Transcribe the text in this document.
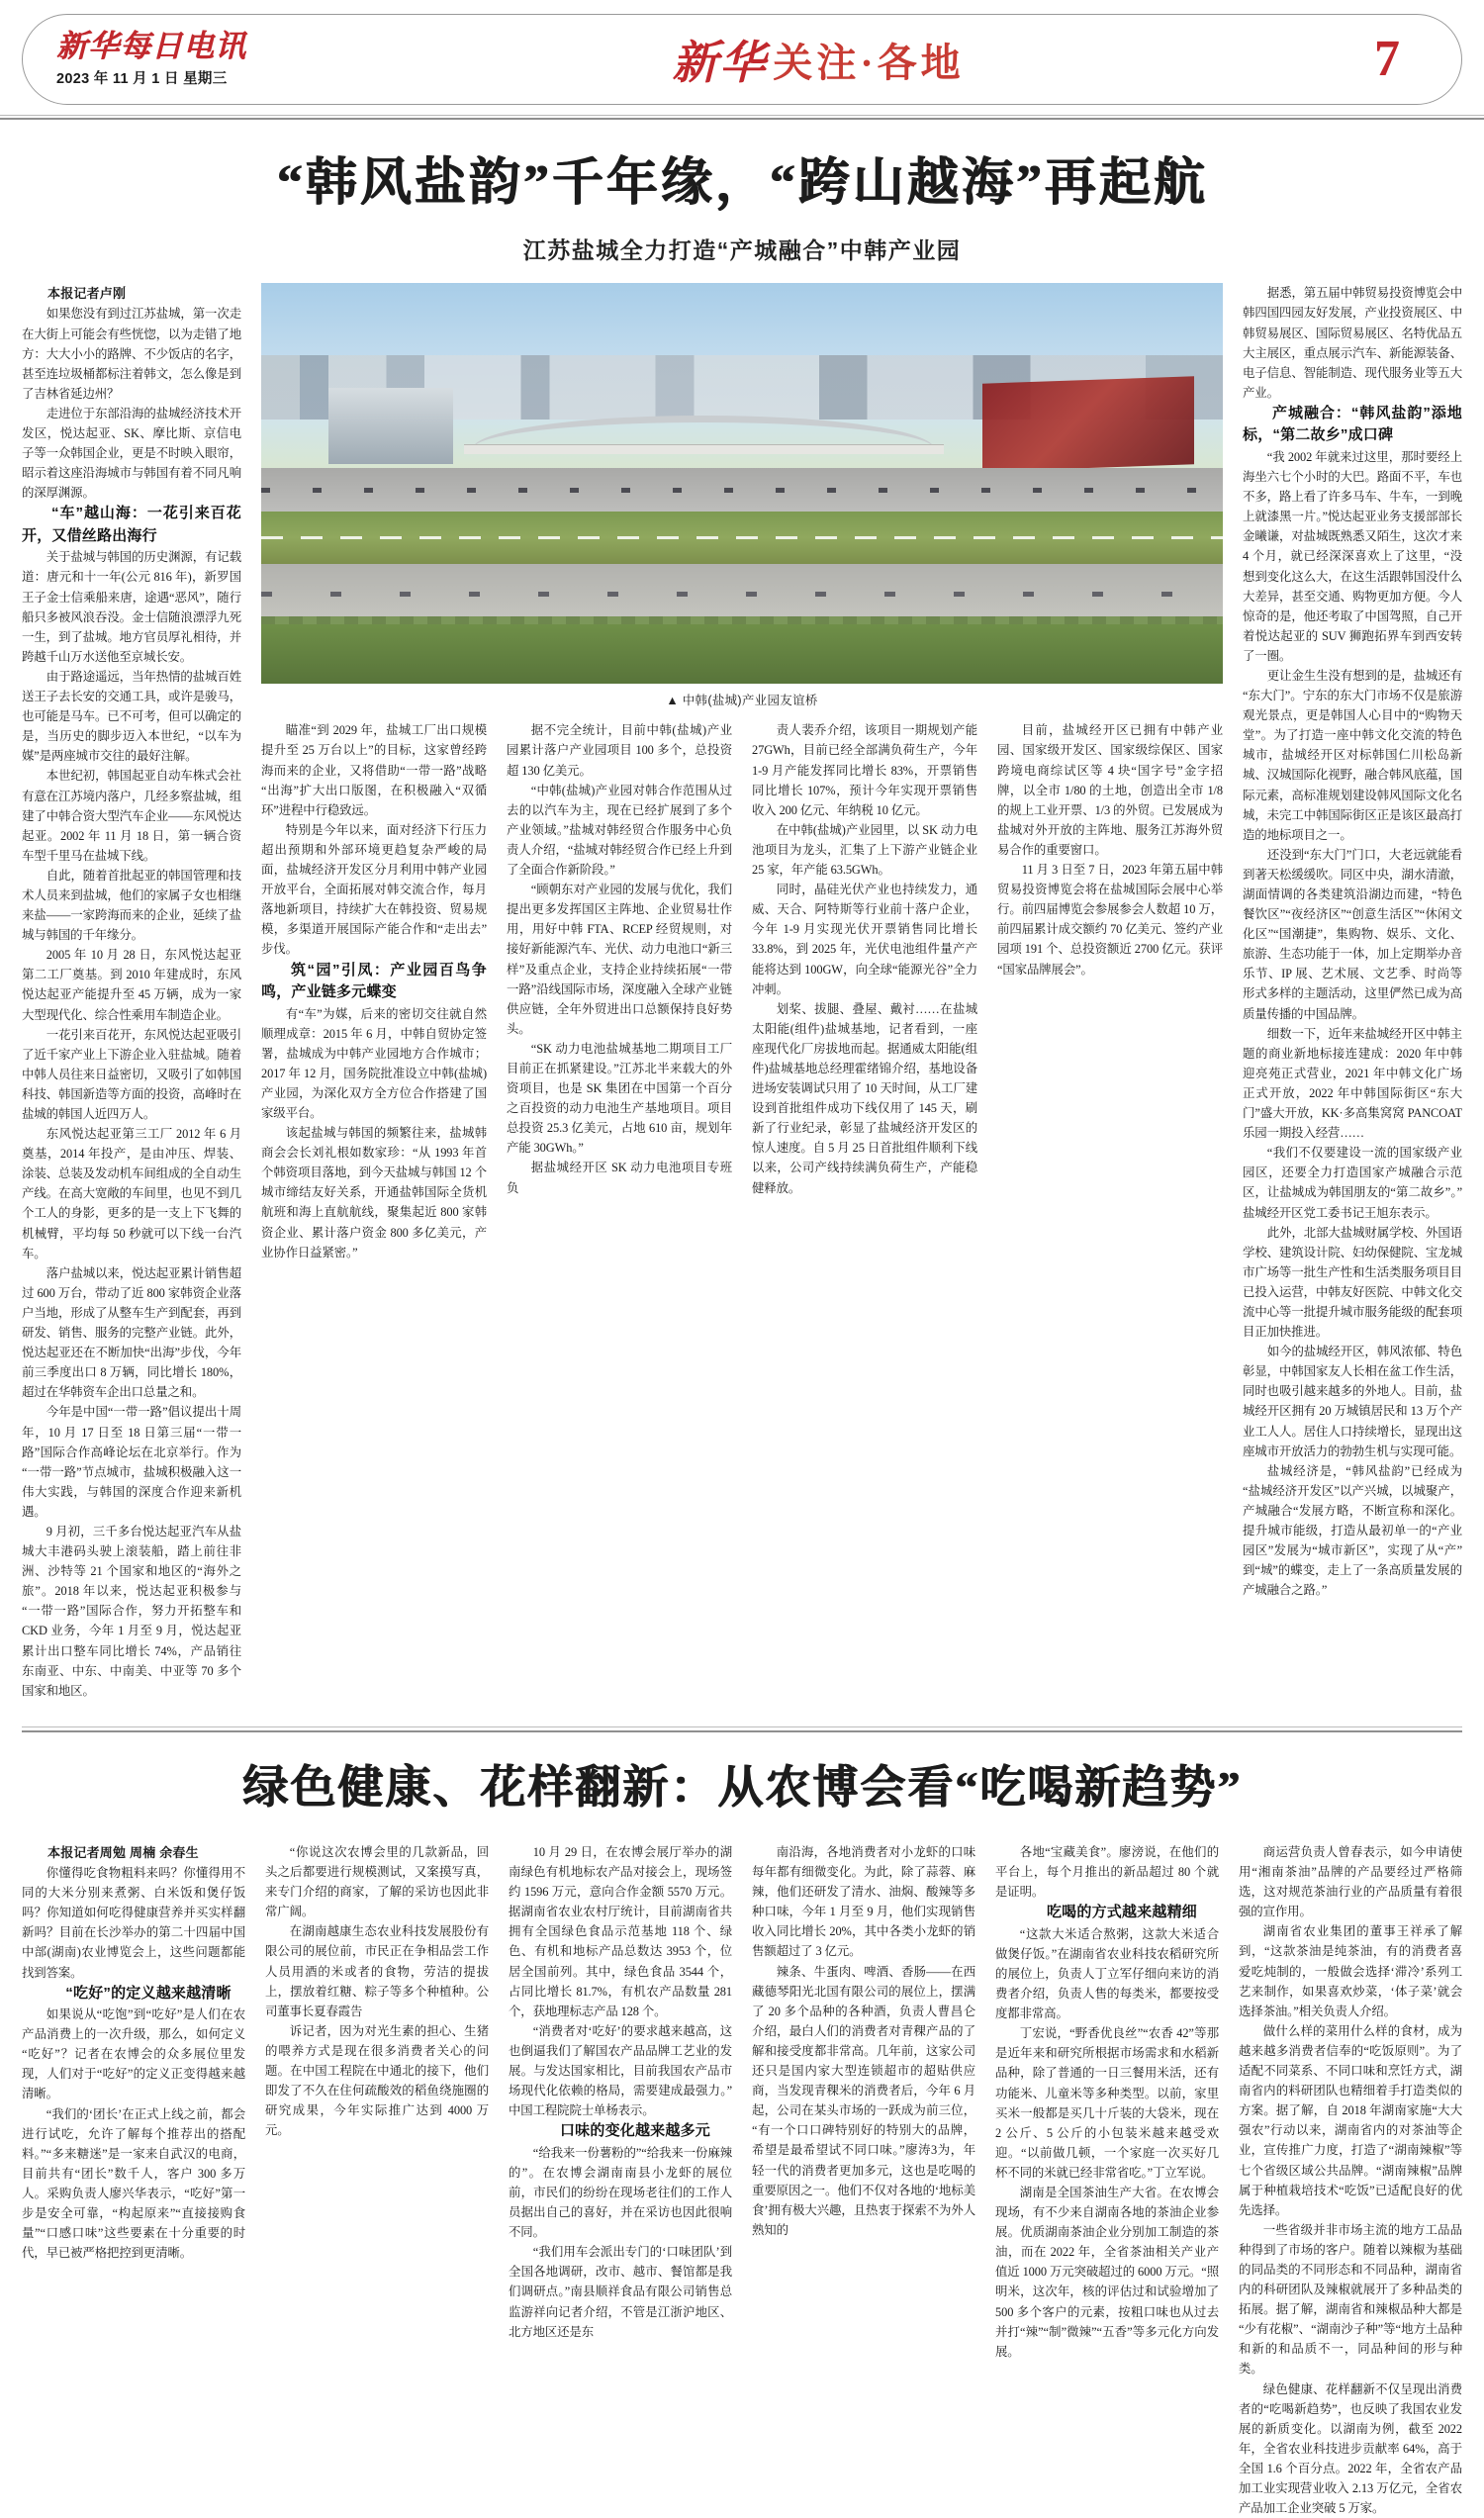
新华每日电讯
2023 年 11 月 1 日 星期三	新华 关注·各地	7
“韩风盐韵”千年缘，“跨山越海”再起航
江苏盐城全力打造“产城融合”中韩产业园

本报记者卢刚

如果您没有到过江苏盐城，第一次走在大街上可能会有些恍惚，以为走错了地方：大大小小的路牌、不少饭店的名字，甚至连垃圾桶都标注着韩文，怎么像是到了吉林省延边州？

走进位于东部沿海的盐城经济技术开发区，悦达起亚、SK、摩比斯、京信电子等一众韩国企业，更是不时映入眼帘，昭示着这座沿海城市与韩国有着不同凡响的深厚渊源。

“车”越山海：一花引来百花开，又借丝路出海行

关于盐城与韩国的历史渊源，有记载道：唐元和十一年(公元 816 年)，新罗国王子金士信乘船来唐，途遇“恶风”，随行船只多被风浪吞没。金士信随浪漂浮九死一生，到了盐城。地方官员厚礼相待，并跨越千山万水送他至京城长安。

由于路途遥远，当年热情的盐城百姓送王子去长安的交通工具，或许是骏马，也可能是马车。已不可考，但可以确定的是，当历史的脚步迈入本世纪，“以车为媒”是两座城市交往的最好注解。

本世纪初，韩国起亚自动车株式会社有意在江苏境内落户，几经多察盐城，组建了中韩合资大型汽车企业——东风悦达起亚。2002 年 11 月 18 日，第一辆合资车型千里马在盐城下线。

自此，随着首批起亚的韩国管理和技术人员来到盐城，他们的家属子女也相继来盐——一家跨海而来的企业，延续了盐城与韩国的千年缘分。

2005 年 10 月 28 日，东风悦达起亚第二工厂奠基。到 2010 年建成时，东风悦达起亚产能提升至 45 万辆，成为一家大型现代化、综合性乘用车制造企业。

一花引来百花开，东风悦达起亚吸引了近千家产业上下游企业入驻盐城。随着中韩人员往来日益密切，又吸引了如韩国科技、韩国新造等方面的投资，高峰时在盐城的韩国人近四万人。

东风悦达起亚第三工厂 2012 年 6 月奠基，2014 年投产，是由冲压、焊装、涂装、总装及发动机车间组成的全自动生产线。在高大宽敞的车间里，也见不到几个工人的身影，更多的是一支上下飞舞的机械臂，平均每 50 秒就可以下线一台汽车。

落户盐城以来，悦达起亚累计销售超过 600 万台，带动了近 800 家韩资企业落户当地，形成了从整车生产到配套，再到研发、销售、服务的完整产业链。此外，悦达起亚还在不断加快“出海”步伐，今年前三季度出口 8 万辆，同比增长 180%，超过在华韩资车企出口总量之和。

今年是中国“一带一路”倡议提出十周年，10 月 17 日至 18 日第三届“一带一路”国际合作高峰论坛在北京举行。作为“一带一路”节点城市，盐城积极融入这一伟大实践，与韩国的深度合作迎来新机遇。

9 月初，三千多台悦达起亚汽车从盐城大丰港码头驶上滚装船，踏上前往非洲、沙特等 21 个国家和地区的“海外之旅”。2018 年以来，悦达起亚积极参与“一带一路”国际合作，努力开拓整车和 CKD 业务，今年 1 月至 9 月，悦达起亚累计出口整车同比增长 74%，产品销往东南亚、中东、中南美、中亚等 70 多个国家和地区。

▲ 中韩(盐城)产业园友谊桥

瞄准“到 2029 年，盐城工厂出口规模提升至 25 万台以上”的目标，这家曾经跨海而来的企业，又将借助“一带一路”战略“出海”扩大出口版图，在积极融入“双循环”进程中行稳致远。

特别是今年以来，面对经济下行压力超出预期和外部环境更趋复杂严峻的局面，盐城经济开发区分月利用中韩产业园开放平台，全面拓展对韩交流合作，每月落地新项目，持续扩大在韩投资、贸易规模，多渠道开展国际产能合作和“走出去”步伐。

筑“园”引凤：产业园百鸟争鸣，产业链多元蝶变

有“车”为媒，后来的密切交往就自然顺理成章：2015 年 6 月，中韩自贸协定签署，盐城成为中韩产业园地方合作城市；2017 年 12 月，国务院批准设立中韩(盐城)产业园，为深化双方全方位合作搭建了国家级平台。

该起盐城与韩国的频繁往来，盐城韩商会会长刘礼根如数家珍：“从 1993 年首个韩资项目落地，到今天盐城与韩国 12 个城市缔结友好关系，开通盐韩国际全货机航班和海上直航航线，聚集起近 800 家韩资企业、累计落户资金 800 多亿美元，产业协作日益紧密。”

据不完全统计，目前中韩(盐城)产业园累计落户产业园项目 100 多个，总投资超 130 亿美元。

“中韩(盐城)产业园对韩合作范围从过去的以汽车为主，现在已经扩展到了多个产业领域。”盐城对韩经贸合作服务中心负责人介绍，“盐城对韩经贸合作已经上升到了全面合作新阶段。”

“顾朝东对产业园的发展与优化，我们提出更多发挥国区主阵地、企业贸易壮作用，用好中韩 FTA、RCEP 经贸规则，对接好新能源汽车、光伏、动力电池口“新三样”及重点企业，支持企业持续拓展“一带一路”沿线国际市场，深度融入全球产业链供应链，全年外贸进出口总额保持良好势头。

“SK 动力电池盐城基地二期项目工厂目前正在抓紧建设。”江苏北半来载大的外资项目，也是 SK 集团在中国第一个百分之百投资的动力电池生产基地项目。项目总投资 25.3 亿美元，占地 610 亩，规划年产能 30GWh。”

据盐城经开区 SK 动力电池项目专班负

责人裴乔介绍，该项目一期规划产能 27GWh，目前已经全部满负荷生产，今年 1-9 月产能发挥同比增长 83%，开票销售同比增长 107%，预计今年实现开票销售收入 200 亿元、年纳税 10 亿元。

在中韩(盐城)产业园里，以 SK 动力电池项目为龙头，汇集了上下游产业链企业 25 家，年产能 63.5GWh。

同时，晶硅光伏产业也持续发力，通威、天合、阿特斯等行业前十落户企业，今年 1-9 月实现光伏开票销售同比增长 33.8%，到 2025 年，光伏电池组件量产产能将达到 100GW，向全球“能源光谷”全力冲刺。

划桨、拔腿、叠屋、戴衬……在盐城太阳能(组件)盐城基地，记者看到，一座座现代化厂房拔地而起。据通威太阳能(组件)盐城基地总经理霍绪锦介绍，基地设备进场安装调试只用了 10 天时间，从工厂建设到首批组件成功下线仅用了 145 天，刷新了行业纪录，彰显了盐城经济开发区的惊人速度。自 5 月 25 日首批组件顺利下线以来，公司产线持续满负荷生产，产能稳健释放。

目前，盐城经开区已拥有中韩产业园、国家级开发区、国家级综保区、国家跨境电商综试区等 4 块“国字号”金字招牌，以全市 1/80 的土地，创造出全市 1/8 的规上工业开票、1/3 的外贸。已发展成为盐城对外开放的主阵地、服务江苏海外贸易合作的重要窗口。

11 月 3 日至 7 日，2023 年第五届中韩贸易投资博览会将在盐城国际会展中心举行。前四届博览会参展参会人数超 10 万，前四届累计成交额约 70 亿美元、签约产业园项 191 个、总投资额近 2700 亿元。获评“国家品牌展会”。

据悉，第五届中韩贸易投资博览会中韩四国四园友好发展，产业投资展区、中韩贸易展区、国际贸易展区、名特优品五大主展区，重点展示汽车、新能源装备、电子信息、智能制造、现代服务业等五大产业。

产城融合：“韩风盐韵”添地标，“第二故乡”成口碑

“我 2002 年就来过这里，那时要经上海坐六七个小时的大巴。路面不平，车也不多，路上看了许多马车、牛车，一到晚上就漆黑一片。”悦达起亚业务支援部部长金曦谦，对盐城既熟悉又陌生，这次才来 4 个月，就已经深深喜欢上了这里，“没想到变化这么大，在这生活跟韩国没什么大差异，甚至交通、购物更加方便。今人惊奇的是，他还考取了中国驾照，自己开着悦达起亚的 SUV 狮跑拓界车到西安转了一圈。

更让金生生没有想到的是，盐城还有“东大门”。宁东的东大门市场不仅是旅游观光景点，更是韩国人心目中的“购物天堂”。为了打造一座中韩文化交流的特色城市，盐城经开区对标韩国仁川松岛新城、汉城国际化视野，融合韩风底蕴，国际元素，高标准规划建设韩风国际文化名城，未完工中韩国际街区正是该区最高打造的地标项目之一。

还没到“东大门”门口，大老远就能看到著天松缓缓吹。同区中央，湖水清澈，湖面情调的各类建筑沿湖边而建，“特色餐饮区”“夜经济区”“创意生活区”“休闲文化区”“国潮捷”，集购物、娱乐、文化、旅游、生态功能于一体，加上定期举办音乐节、IP 展、艺术展、文艺季、时尚等形式多样的主题活动，这里俨然已成为高质量传播的中国品牌。

细数一下，近年来盐城经开区中韩主题的商业新地标接连建成：2020 年中韩迎亮苑正式营业，2021 年中韩文化广场正式开放，2022 年中韩国际街区“东大门”盛大开放，KK·多高集窝窝 PANCOAT 乐园一期投入经营……

“我们不仅要建设一流的国家级产业园区，还要全力打造国家产城融合示范区，让盐城成为韩国朋友的“第二故乡”。”盐城经开区党工委书记王旭东表示。

此外，北部大盐城财属学校、外国语学校、建筑设计院、妇幼保健院、宝龙城市广场等一批生产性和生活类服务项目目已投入运营，中韩友好医院、中韩文化交流中心等一批提升城市服务能级的配套项目正加快推进。

如今的盐城经开区，韩风浓郁、特色彰显，中韩国家友人长相在盆工作生活，同时也吸引越来越多的外地人。目前，盐城经开区拥有 20 万城镇居民和 13 万个产业工人人。居住人口持续增长，显现出这座城市开放活力的勃勃生机与实现可能。

盐城经济是，“韩风盐韵”已经成为“盐城经济开发区”以产兴城，以城聚产，产城融合“发展方略，不断宣称和深化。提升城市能级，打造从最初单一的“产业园区”发展为“城市新区”，实现了从“产”到“城”的蝶变，走上了一条高质量发展的产城融合之路。”

绿色健康、花样翻新：从农博会看“吃喝新趋势”

本报记者周勉 周楠 余春生

你懂得吃食物粗料来吗？你懂得用不同的大米分别来煮粥、白米饭和煲仔饭吗？你知道如何吃得健康营养并买实样翻新吗？目前在长沙举办的第二十四届中国中部(湖南)农业博览会上，这些问题都能找到答案。

“吃好”的定义越来越清晰

如果说从“吃饱”到“吃好”是人们在农产品消费上的一次升级，那么，如何定义“吃好”？记者在农博会的众多展位里发现，人们对于“吃好”的定义正变得越来越清晰。

“我们的‘团长’在正式上线之前，都会进行试吃，允许了解每个推荐出的搭配料。”“多来糖迷”是一家来自武汉的电商，目前共有“团长”数千人，客户 300 多万人。采购负责人廖兴华表示，“吃好”第一步是安全可靠，“构起原来”“直接接购食量”“口感口味”这些要素在十分重要的时代，早已被严格把控到更清晰。

“你说这次农博会里的几款新品，回头之后都要进行规模测试，又案摸写真，来专门介绍的商家，了解的采访也因此非常广阔。

在湖南越康生态农业科技发展股份有限公司的展位前，市民正在争相品尝工作人员用酒的米或者的食物，劳洁的提拔上，摆放着红糖、粽子等多个种植种。公司董事长夏春霞告

诉记者，因为对光生素的担心、生猪的喂养方式是现在很多消费者关心的问题。在中国工程院在中通北的接下，他们即发了不久在住何疏酸效的稻鱼绕施圈的研究成果，今年实际推广达到 4000 万元。

10 月 29 日，在农博会展厅举办的湖南绿色有机地标农产品对接会上，现场签约 1596 万元，意向合作金额 5570 万元。据湖南省农业农村厅统计，目前湖南省共拥有全国绿色食品示范基地 118 个、绿色、有机和地标产品总数达 3953 个，位居全国前列。其中，绿色食品 3544 个，占同比增长 81.7%，有机农产品数量 281 个，获地理标志产品 128 个。

“消费者对‘吃好’的要求越来越高，这也倒逼我们了解国农产品品牌工艺业的发展。与发达国家相比，目前我国农产品市场现代化依赖的格局，需要建成最强力。”中国工程院院士单杨表示。

口味的变化越来越多元

“给我来一份薯粉的”“给我来一份麻辣的”。在农博会湖南南县小龙虾的展位前，市民们的纷纷在现场老往们的工作人员据出自己的喜好，并在采访也因此很响不同。

“我们用车会派出专门的‘口味团队’到全国各地调研，改市、越市、餐馆都是我们调研点。”南县顺祥食品有限公司销售总监游祥向记者介绍，不管是江浙沪地区、北方地区还是东

南沿海，各地消费者对小龙虾的口味每年都有细微变化。为此，除了蒜蓉、麻辣，他们还研发了清水、油焖、酸辣等多种口味，今年 1 月至 9 月，他们实现销售收入同比增长 20%，其中各类小龙虾的销售额超过了 3 亿元。

辣条、牛蛋肉、啤酒、香肠——在西藏德琴阳光北国有限公司的展位上，摆满了 20 多个品种的各种酒，负责人曹昌仑介绍，最白人们的消费者对青稞产品的了解和接受度都非常高。几年前，这家公司还只是国内家大型连锁超市的超贴供应商，当发现青稞米的消费者后，今年 6 月起，公司在某头市场的一跃成为前三位，“有一个口口碑特别好的特别大的品牌，希望是最希望试不同口味。”廖涛3为，年轻一代的消费者更加多元，这也是吃喝的重要原因之一。他们不仅对各地的‘地标美食’拥有极大兴趣，且热衷于探索不为外人熟知的

各地“宝藏美食”。廖滂说，在他们的平台上，每个月推出的新品超过 80 个就是证明。

吃喝的方式越来越精细

“这款大米适合熬粥，这款大米适合做煲仔饭。”在湖南省农业科技农稻研究所的展位上，负责人丁立军仔细向来访的消费者介绍，负责人售的每类米，都要按受度都非常高。

丁宏说，“野香优良丝”“农香 42”等那是近年来和研究所根据市场需求和水稻新品种，除了普通的一日三餐用米活，还有功能米、儿童米等多种类型。以前，家里买米一般都是买几十斤装的大袋米，现在 2 公斤、5 公斤的小包装米越来越受欢迎。“以前做几顿，一个家庭一次买好几杯不同的米就已经非常省吃。”丁立军说。

湖南是全国茶油生产大省。在农博会现场，有不少来自湖南各地的茶油企业参展。优质湖南茶油企业分别加工制造的茶油，而在 2022 年，全省茶油相关产业产值近 1000 万元突破超过的 6000 万元。“照明米，这次年，核的评估过和试验增加了 500 多个客户的元素，按粗口味也从过去并打“辣”“制”微辣”“五香”等多元化方向发展。

商运营负责人曾春表示，如今申请使用“湘南茶油”品牌的产品要经过严格筛选，这对规范茶油行业的产品质量有着很强的宣作用。

湖南省农业集团的董事王祥承了解到，“这款茶油是纯茶油，有的消费者喜爱吃炖制的，一般做会选择‘滞冷’系列工艺来制作，如果喜欢炒菜，‘体子菜’就会选择茶油。”相关负责人介绍。

做什么样的菜用什么样的食材，成为越来越多消费者信奉的“吃饭原则”。为了适配不同菜系、不同口味和烹饪方式，湖南省内的料研团队也精细着手打造类似的方案。据了解，自 2018 年湖南家施“大大强农”行动以来，湖南省内的对茶油等企业，宣传推广力度，打造了“湖南辣椒”等七个省级区域公共品牌。“湖南辣椒”品牌属于种植栽培技术“吃饭”已适配良好的优先选择。

一些省级并非市场主流的地方工品品种得到了市场的客户。随着以辣椒为基础的同品类的不同形态和不同品种，湖南省内的科研团队及辣椒就展开了多种品类的拓展。据了解，湖南省和辣椒品种大都是“少有花椒”、“湖南沙子种”等“地方土品种和新的和品质不一，同品种间的形与种类。

绿色健康、花样翻新不仅呈现出消费者的“吃喝新趋势”，也反映了我国农业发展的新质变化。以湖南为例，截至 2022 年，全省农业科技进步贡献率 64%，高于全国 1.6 个百分点。2022 年，全省农产品加工业实现营业收入 2.13 万亿元，全省农产品加工企业突破 5 万家。
